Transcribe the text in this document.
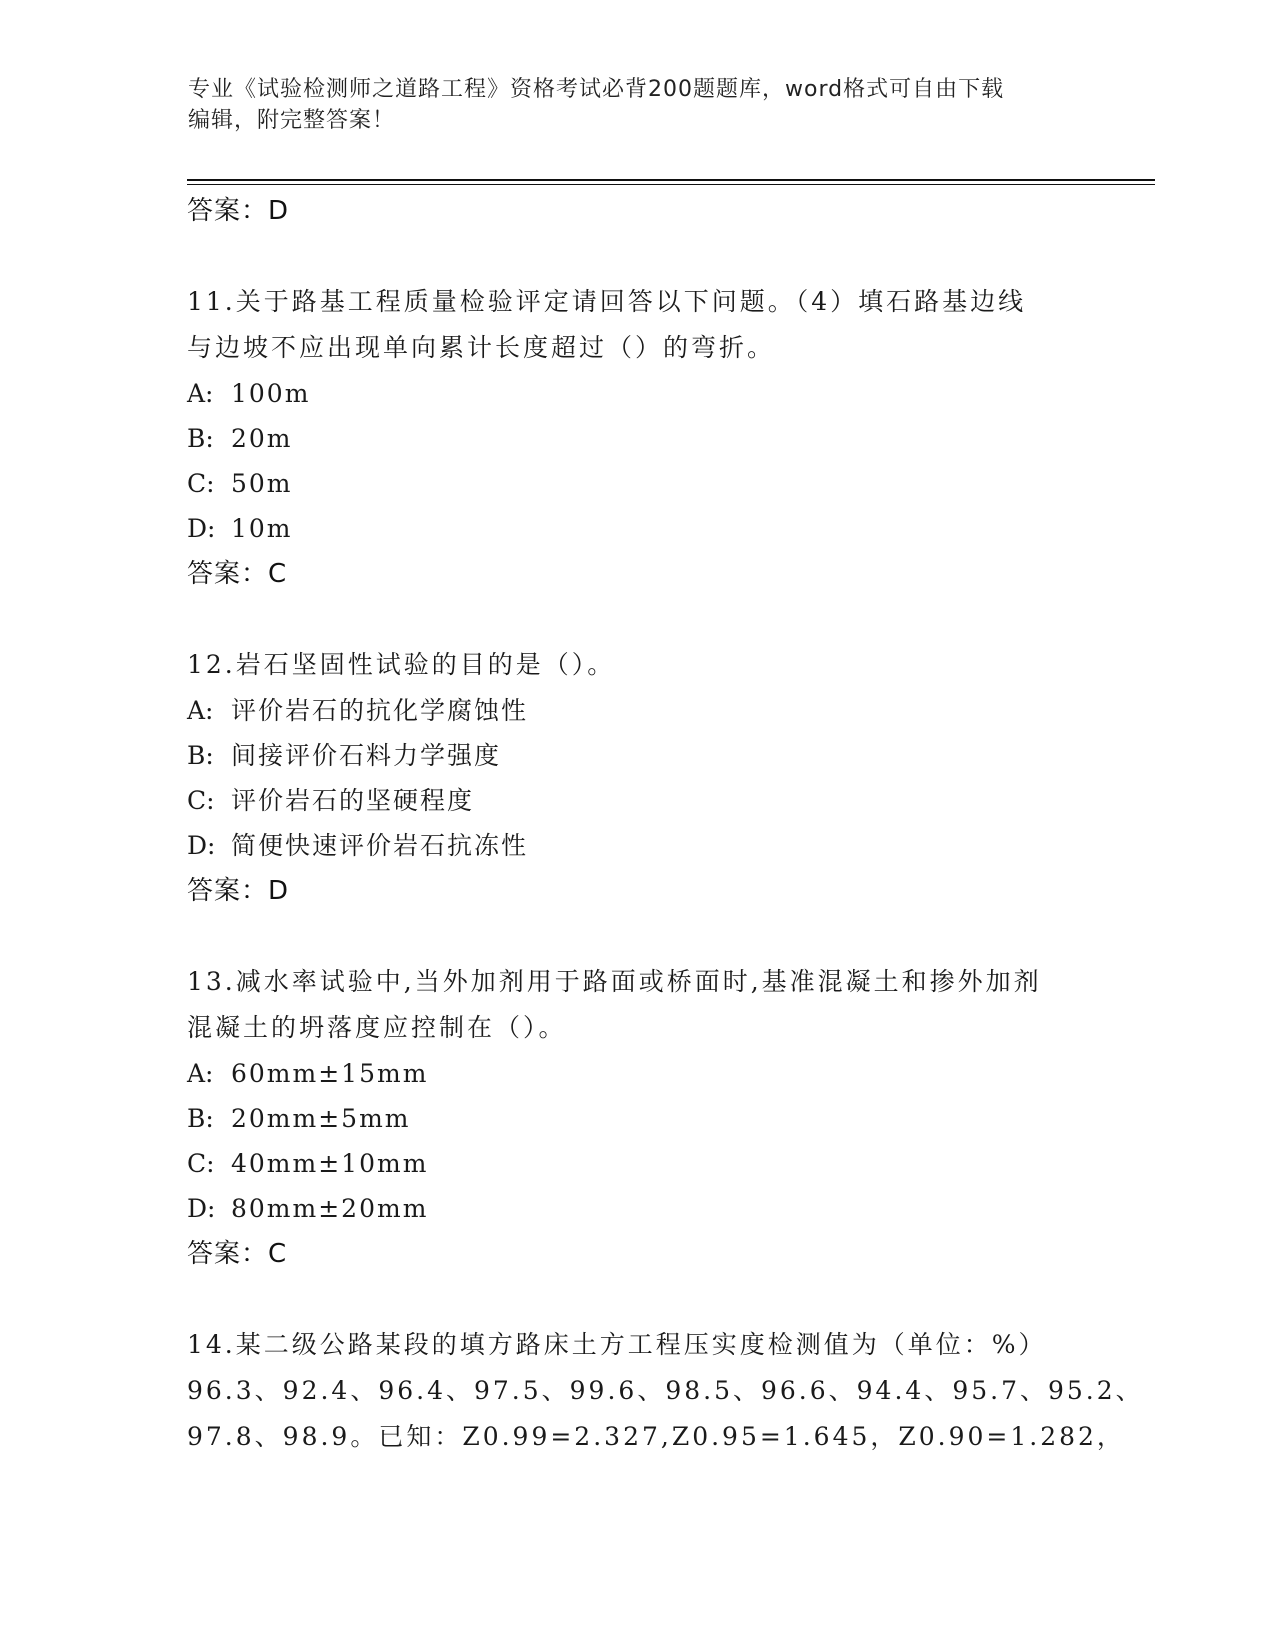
专业《试验检测师之道路工程》资格考试必背200题题库，word格式可自由下载
编辑，附完整答案！
答案：D
11.关于路基工程质量检验评定请回答以下问题。（4）填石路基边线
与边坡不应出现单向累计长度超过（）的弯折。
A: 100m
B: 20m
C: 50m
D: 10m
答案：C
12.岩石坚固性试验的目的是（）。
A: 评价岩石的抗化学腐蚀性
B: 间接评价石料力学强度
C: 评价岩石的坚硬程度
D: 简便快速评价岩石抗冻性
答案：D
13.减水率试验中,当外加剂用于路面或桥面时,基准混凝土和掺外加剂
混凝土的坍落度应控制在（）。
A: 60mm±15mm
B: 20mm±5mm
C: 40mm±10mm
D: 80mm±20mm
答案：C
14.某二级公路某段的填方路床土方工程压实度检测值为（单位：%）
96.3、92.4、96.4、97.5、99.6、98.5、96.6、94.4、95.7、95.2、
97.8、98.9。已知：Z0.99=2.327,Z0.95=1.645，Z0.90=1.282，
